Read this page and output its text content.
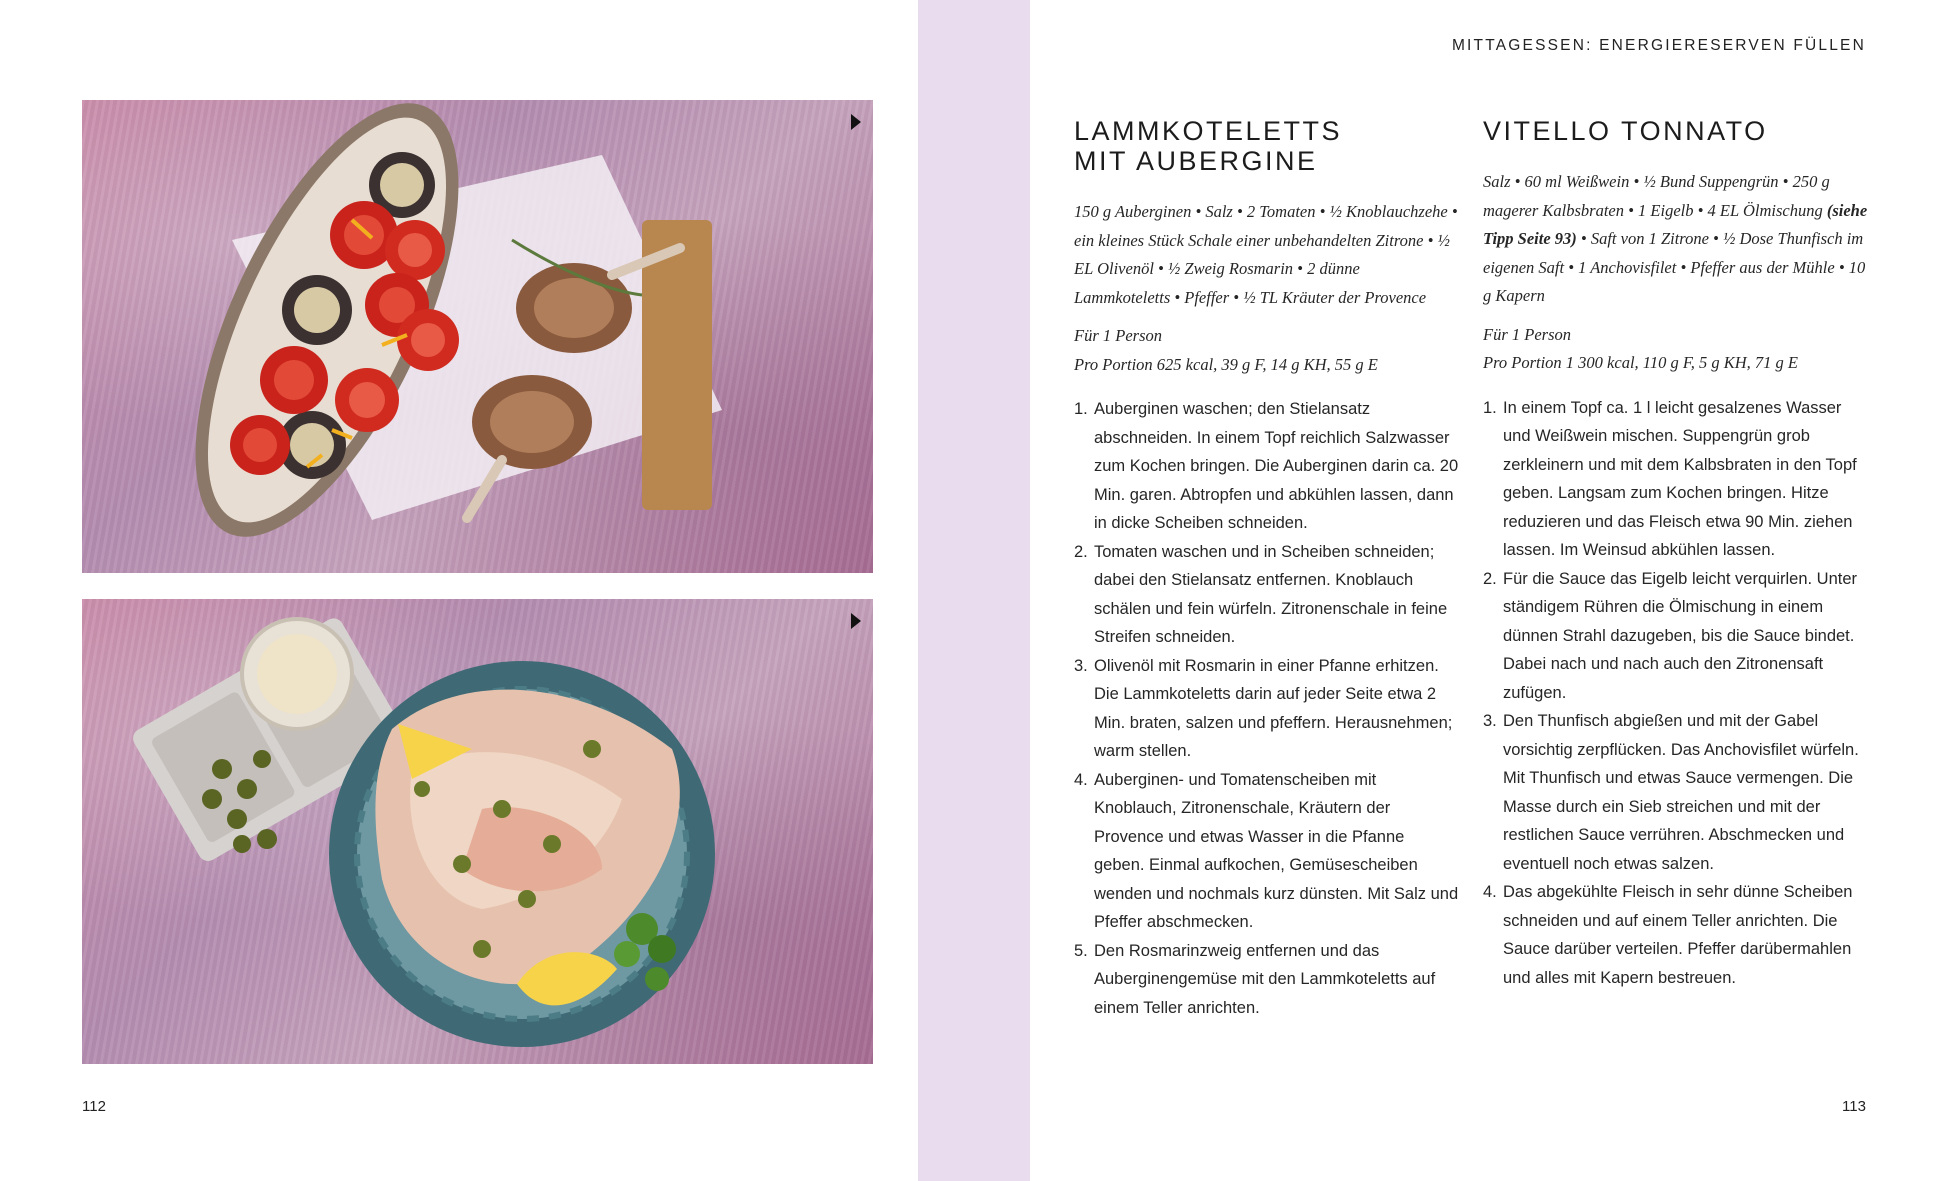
112
MITTAGESSEN: ENERGIERESERVEN FÜLLEN
LAMMKOTELETTS
MIT AUBERGINE

150 g Auberginen • Salz • 2 Tomaten • ½ Knoblauchzehe • ein kleines Stück Schale einer unbehandelten Zitrone • ½ EL Olivenöl • ½ Zweig Rosmarin • 2 dünne Lammkoteletts • Pfeffer • ½ TL Kräuter der Provence

Für 1 Person

Pro Portion 625 kcal, 39 g F, 14 g KH, 55 g E

1. Auberginen waschen; den Stielansatz abschneiden. In einem Topf reichlich Salzwasser zum Kochen bringen. Die Auberginen darin ca. 20 Min. garen. Abtropfen und abkühlen lassen, dann in dicke Scheiben schneiden.
2. Tomaten waschen und in Scheiben schneiden; dabei den Stielansatz entfernen. Knoblauch schälen und fein würfeln. Zitronenschale in feine Streifen schneiden.
3. Olivenöl mit Rosmarin in einer Pfanne erhitzen. Die Lammkoteletts darin auf jeder Seite etwa 2 Min. braten, salzen und pfeffern. Herausnehmen; warm stellen.
4. Auberginen- und Tomatenscheiben mit Knoblauch, Zitronenschale, Kräutern der Provence und etwas Wasser in die Pfanne geben. Einmal aufkochen, Gemüsescheiben wenden und nochmals kurz dünsten. Mit Salz und Pfeffer abschmecken.
5. Den Rosmarinzweig entfernen und das Auberginengemüse mit den Lammkoteletts auf einem Teller anrichten.
VITELLO TONNATO

Salz • 60 ml Weißwein • ½ Bund Suppengrün • 250 g magerer Kalbsbraten • 1 Eigelb • 4 EL Ölmischung (siehe Tipp Seite 93) • Saft von 1 Zitrone • ½ Dose Thunfisch im eigenen Saft • 1 Anchovisfilet • Pfeffer aus der Mühle • 10 g Kapern

Für 1 Person

Pro Portion 1 300 kcal, 110 g F, 5 g KH, 71 g E

1. In einem Topf ca. 1 l leicht gesalzenes Wasser und Weißwein mischen. Suppengrün grob zerkleinern und mit dem Kalbsbraten in den Topf geben. Langsam zum Kochen bringen. Hitze reduzieren und das Fleisch etwa 90 Min. ziehen lassen. Im Weinsud abkühlen lassen.
2. Für die Sauce das Eigelb leicht verquirlen. Unter ständigem Rühren die Ölmischung in einem dünnen Strahl dazugeben, bis die Sauce bindet. Dabei nach und nach auch den Zitronensaft zufügen.
3. Den Thunfisch abgießen und mit der Gabel vorsichtig zerpflücken. Das Anchovisfilet würfeln. Mit Thunfisch und etwas Sauce vermengen. Die Masse durch ein Sieb streichen und mit der restlichen Sauce verrühren. Abschmecken und eventuell noch etwas salzen.
4. Das abgekühlte Fleisch in sehr dünne Scheiben schneiden und auf einem Teller anrichten. Die Sauce darüber verteilen. Pfeffer darübermahlen und alles mit Kapern bestreuen.
113
